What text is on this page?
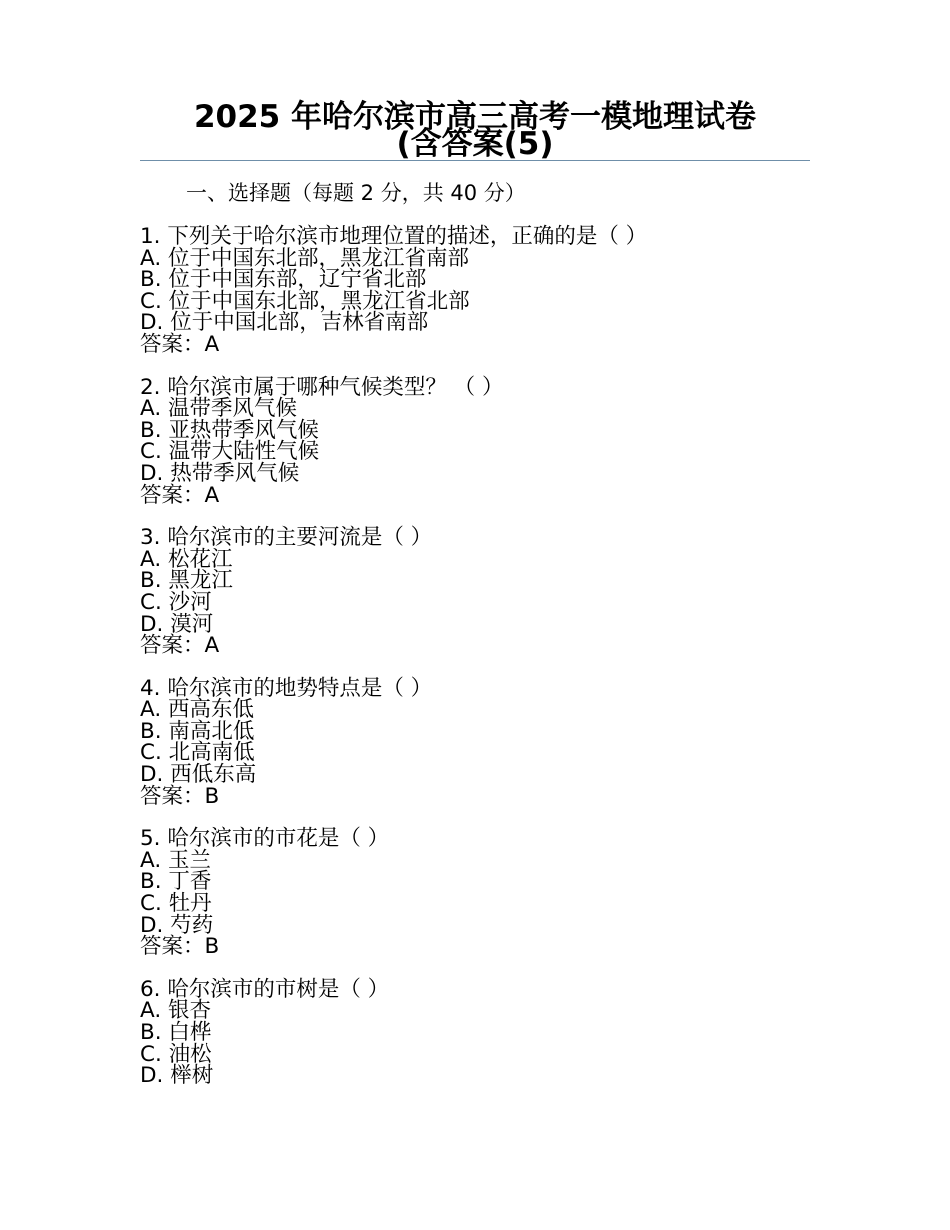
2025 年哈尔滨市高三高考一模地理试卷
(含答案(5)
一、选择题（每题 2 分，共 40 分）
1. 下列关于哈尔滨市地理位置的描述，正确的是（ ）
A. 位于中国东北部，黑龙江省南部
B. 位于中国东部，辽宁省北部
C. 位于中国东北部，黑龙江省北部
D. 位于中国北部，吉林省南部
答案：A
2. 哈尔滨市属于哪种气候类型？ （ ）
A. 温带季风气候
B. 亚热带季风气候
C. 温带大陆性气候
D. 热带季风气候
答案：A
3. 哈尔滨市的主要河流是（ ）
A. 松花江
B. 黑龙江
C. 沙河
D. 漠河
答案：A
4. 哈尔滨市的地势特点是（ ）
A. 西高东低
B. 南高北低
C. 北高南低
D. 西低东高
答案：B
5. 哈尔滨市的市花是（ ）
A. 玉兰
B. 丁香
C. 牡丹
D. 芍药
答案：B
6. 哈尔滨市的市树是（ ）
A. 银杏
B. 白桦
C. 油松
D. 榉树
